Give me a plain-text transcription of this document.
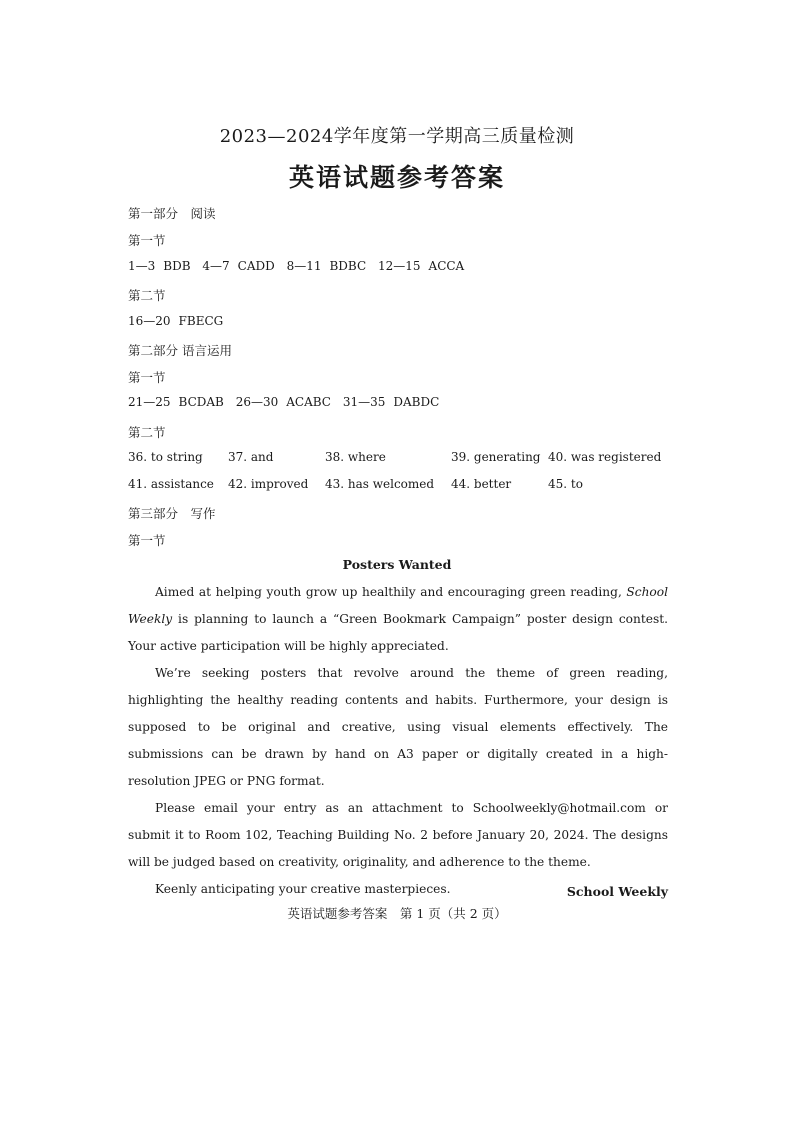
2023—2024学年度第一学期高三质量检测
英语试题参考答案
第一部分　阅读
第一节
1—3 BDB 4—7 CADD 8—11 BDBC 12—15 ACCA
第二节
16—20 FBECG
第二部分 语言运用
第一节
21—25 BCDAB 26—30 ACABC 31—35 DABDC
第二节
36. to string 37. and	38. where	39. generating 40. was registered
41. assistance 42. improved 43. has welcomed 44. better	45. to
第三部分　写作
第一节
Posters Wanted

Aimed at helping youth grow up healthily and encouraging green reading, School Weekly is planning to launch a “Green Bookmark Campaign” poster design contest. Your active participation will be highly appreciated.

We’re seeking posters that revolve around the theme of green reading, highlighting the healthy reading contents and habits. Furthermore, your design is supposed to be original and creative, using visual elements effectively. The submissions can be drawn by hand on A3 paper or digitally created in a high-resolution JPEG or PNG format.

Please email your entry as an attachment to Schoolweekly@hotmail.com or submit it to Room 102, Teaching Building No. 2 before January 20, 2024. The designs will be judged based on creativity, originality, and adherence to the theme.

Keenly anticipating your creative masterpieces.	School Weekly
英语试题参考答案　第 1 页（共 2 页）
